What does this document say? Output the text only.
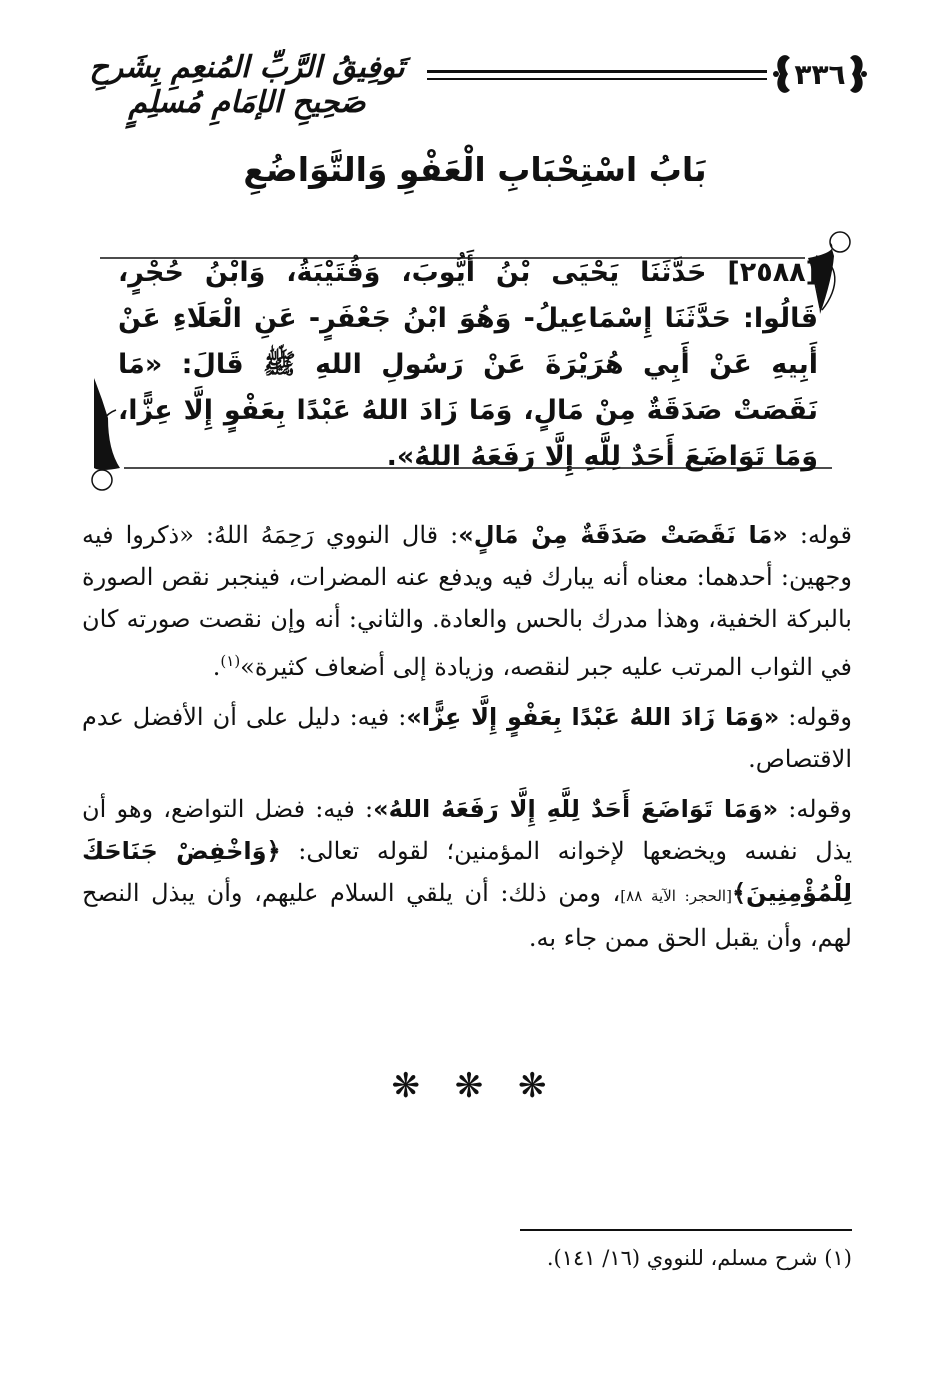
تَوفِيقُ الرَّبِّ المُنعِمِ بِشَرحِ صَحِيحِ الإمَامِ مُسلِمٍ
٣٣٦
بَابُ اسْتِحْبَابِ الْعَفْوِ وَالتَّوَاضُعِ

[٢٥٨٨] حَدَّثَنَا يَحْيَى بْنُ أَيُّوبَ، وَقُتَيْبَةُ، وَابْنُ حُجْرٍ، قَالُوا: حَدَّثَنَا إِسْمَاعِيلُ- وَهُوَ ابْنُ جَعْفَرٍ- عَنِ الْعَلَاءِ عَنْ أَبِيهِ عَنْ أَبِي هُرَيْرَةَ عَنْ رَسُولِ اللهِ ﷺ قَالَ: «مَا نَقَصَتْ صَدَقَةٌ مِنْ مَالٍ، وَمَا زَادَ اللهُ عَبْدًا بِعَفْوٍ إِلَّا عِزًّا، وَمَا تَوَاضَعَ أَحَدٌ لِلَّهِ إِلَّا رَفَعَهُ اللهُ».

قوله: «مَا نَقَصَتْ صَدَقَةٌ مِنْ مَالٍ»: قال النووي رَحِمَهُ اللهُ: «ذكروا فيه وجهين: أحدهما: معناه أنه يبارك فيه ويدفع عنه المضرات، فينجبر نقص الصورة بالبركة الخفية، وهذا مدرك بالحس والعادة. والثاني: أنه وإن نقصت صورته كان في الثواب المرتب عليه جبر لنقصه، وزيادة إلى أضعاف كثيرة»$^{(١)}$.

وقوله: «وَمَا زَادَ اللهُ عَبْدًا بِعَفْوٍ إِلَّا عِزًّا»: فيه: دليل على أن الأفضل عدم الاقتصاص.

وقوله: «وَمَا تَوَاضَعَ أَحَدٌ لِلَّهِ إِلَّا رَفَعَهُ اللهُ»: فيه: فضل التواضع، وهو أن يذل نفسه ويخضعها لإخوانه المؤمنين؛ لقوله تعالى: ﴿وَاخْفِضْ جَنَاحَكَ لِلْمُؤْمِنِينَ﴾[الحجر: الآية ٨٨]، ومن ذلك: أن يلقي السلام عليهم، وأن يبذل النصح لهم، وأن يقبل الحق ممن جاء به.

❋ ❋ ❋
(١) شرح مسلم، للنووي (١٦/ ١٤١).
